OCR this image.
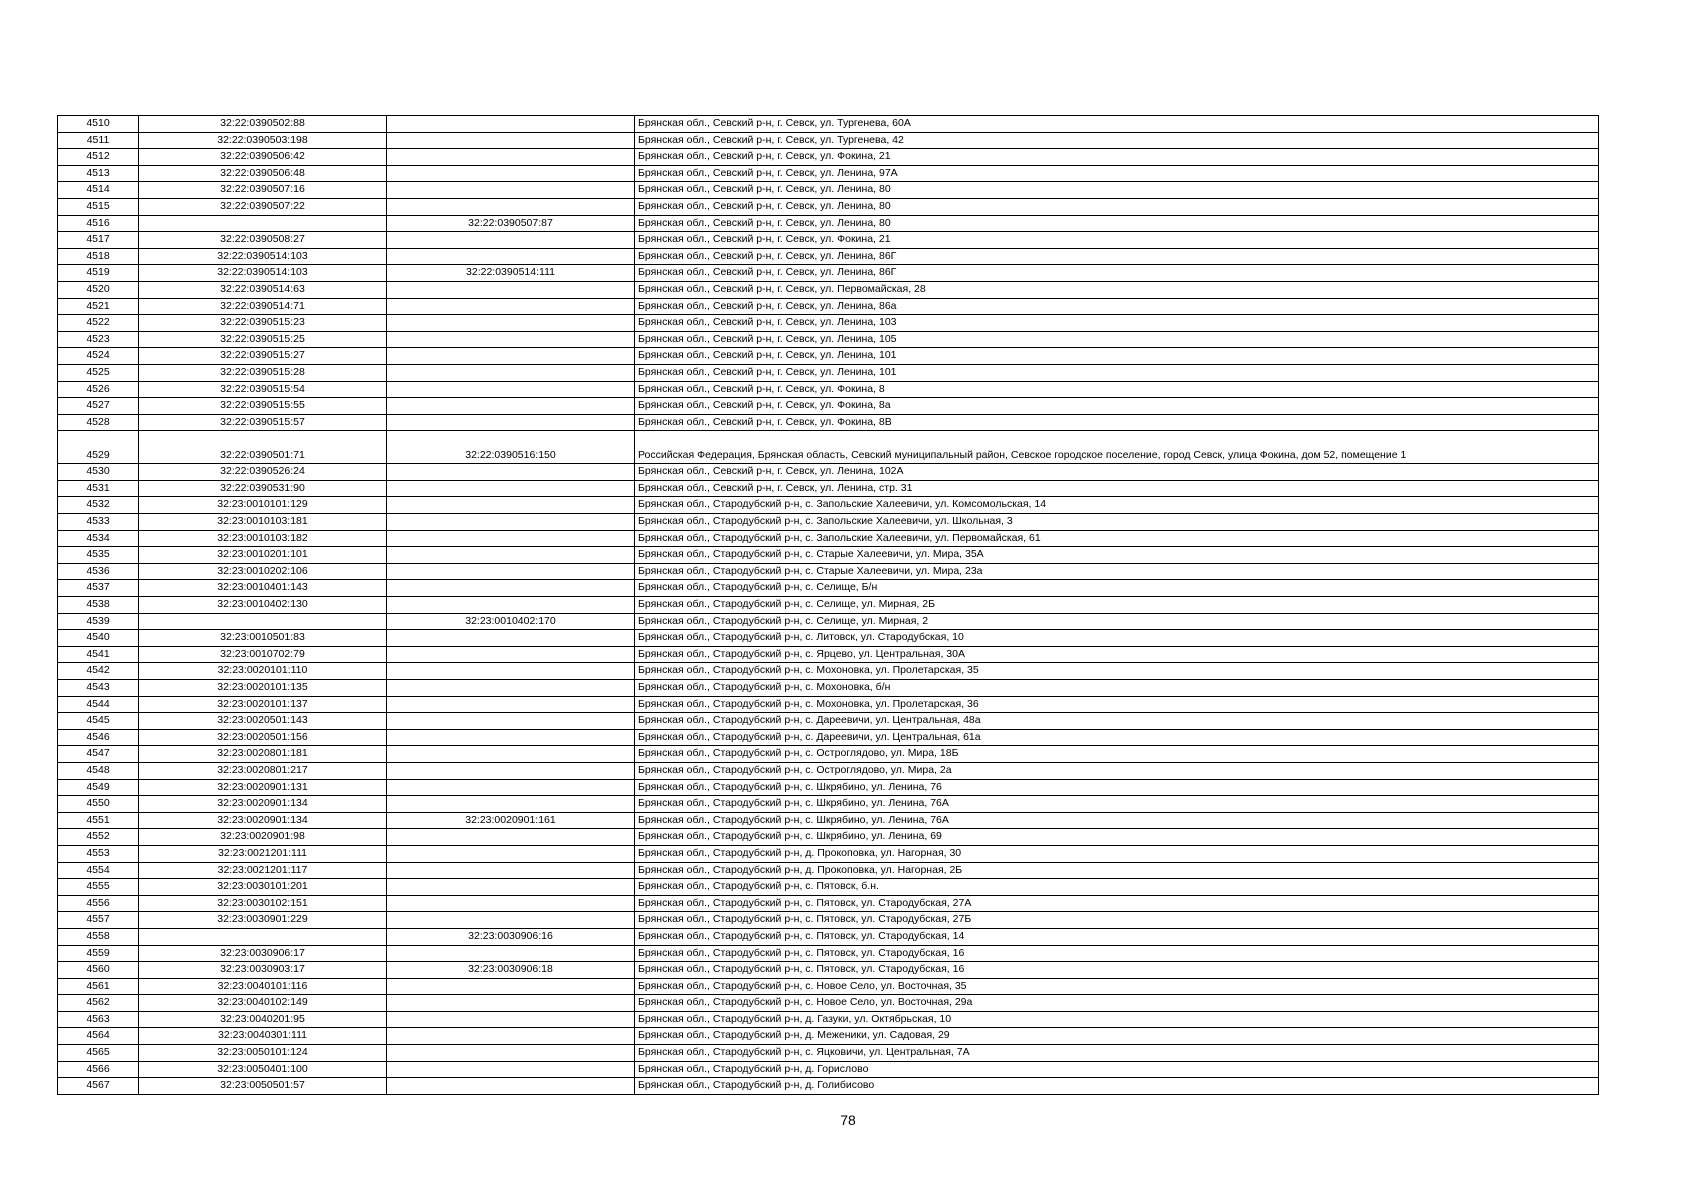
4510	32:22:0390502:88		Брянская обл., Севский р-н, г. Севск, ул. Тургенева, 60А
4511	32:22:0390503:198		Брянская обл., Севский р-н, г. Севск, ул. Тургенева, 42
4512	32:22:0390506:42		Брянская обл., Севский р-н, г. Севск, ул. Фокина, 21
4513	32:22:0390506:48		Брянская обл., Севский р-н, г. Севск, ул. Ленина, 97А
4514	32:22:0390507:16		Брянская обл., Севский р-н, г. Севск, ул. Ленина, 80
4515	32:22:0390507:22		Брянская обл., Севский р-н, г. Севск, ул. Ленина, 80
4516		32:22:0390507:87	Брянская обл., Севский р-н, г. Севск, ул. Ленина, 80
4517	32:22:0390508:27		Брянская обл., Севский р-н, г. Севск, ул. Фокина, 21
4518	32:22:0390514:103		Брянская обл., Севский р-н, г. Севск, ул. Ленина, 86Г
4519	32:22:0390514:103	32:22:0390514:111	Брянская обл., Севский р-н, г. Севск, ул. Ленина, 86Г
4520	32:22:0390514:63		Брянская обл., Севский р-н, г. Севск, ул. Первомайская, 28
4521	32:22:0390514:71		Брянская обл., Севский р-н, г. Севск, ул. Ленина, 86а
4522	32:22:0390515:23		Брянская обл., Севский р-н, г. Севск, ул. Ленина, 103
4523	32:22:0390515:25		Брянская обл., Севский р-н, г. Севск, ул. Ленина, 105
4524	32:22:0390515:27		Брянская обл., Севский р-н, г. Севск, ул. Ленина, 101
4525	32:22:0390515:28		Брянская обл., Севский р-н, г. Севск, ул. Ленина, 101
4526	32:22:0390515:54		Брянская обл., Севский р-н, г. Севск, ул. Фокина, 8
4527	32:22:0390515:55		Брянская обл., Севский р-н, г. Севск, ул. Фокина, 8а
4528	32:22:0390515:57		Брянская обл., Севский р-н, г. Севск, ул. Фокина, 8В
4529	32:22:0390501:71	32:22:0390516:150	Российская Федерация, Брянская область, Севский муниципальный район, Севское городское поселение, город Севск, улица Фокина, дом 52, помещение 1
4530	32:22:0390526:24		Брянская обл., Севский р-н, г. Севск, ул. Ленина, 102А
4531	32:22:0390531:90		Брянская обл., Севский р-н, г. Севск, ул. Ленина, стр. 31
4532	32:23:0010101:129		Брянская обл., Стародубский р-н, с. Запольские Халеевичи, ул. Комсомольская, 14
4533	32:23:0010103:181		Брянская обл., Стародубский р-н, с. Запольские Халеевичи, ул. Школьная, 3
4534	32:23:0010103:182		Брянская обл., Стародубский р-н, с. Запольские Халеевичи, ул. Первомайская, 61
4535	32:23:0010201:101		Брянская обл., Стародубский р-н, с. Старые Халеевичи, ул. Мира, 35А
4536	32:23:0010202:106		Брянская обл., Стародубский р-н, с. Старые Халеевичи, ул. Мира, 23а
4537	32:23:0010401:143		Брянская обл., Стародубский р-н, с. Селище, Б/н
4538	32:23:0010402:130		Брянская обл., Стародубский р-н, с. Селище, ул. Мирная, 2Б
4539		32:23:0010402:170	Брянская обл., Стародубский р-н, с. Селище, ул. Мирная, 2
4540	32:23:0010501:83		Брянская обл., Стародубский р-н, с. Литовск, ул. Стародубская, 10
4541	32:23:0010702:79		Брянская обл., Стародубский р-н, с. Ярцево, ул. Центральная, 30А
4542	32:23:0020101:110		Брянская обл., Стародубский р-н, с. Мохоновка, ул. Пролетарская, 35
4543	32:23:0020101:135		Брянская обл., Стародубский р-н, с. Мохоновка, б/н
4544	32:23:0020101:137		Брянская обл., Стародубский р-н, с. Мохоновка, ул. Пролетарская, 36
4545	32:23:0020501:143		Брянская обл., Стародубский р-н, с. Дареевичи, ул. Центральная, 48а
4546	32:23:0020501:156		Брянская обл., Стародубский р-н, с. Дареевичи, ул. Центральная, 61а
4547	32:23:0020801:181		Брянская обл., Стародубский р-н, с. Остроглядово, ул. Мира, 18Б
4548	32:23:0020801:217		Брянская обл., Стародубский р-н, с. Остроглядово, ул. Мира, 2а
4549	32:23:0020901:131		Брянская обл., Стародубский р-н, с. Шкрябино, ул. Ленина, 76
4550	32:23:0020901:134		Брянская обл., Стародубский р-н, с. Шкрябино, ул. Ленина, 76А
4551	32:23:0020901:134	32:23:0020901:161	Брянская обл., Стародубский р-н, с. Шкрябино, ул. Ленина, 76А
4552	32:23:0020901:98		Брянская обл., Стародубский р-н, с. Шкрябино, ул. Ленина, 69
4553	32:23:0021201:111		Брянская обл., Стародубский р-н, д. Прокоповка, ул. Нагорная, 30
4554	32:23:0021201:117		Брянская обл., Стародубский р-н, д. Прокоповка, ул. Нагорная, 2Б
4555	32:23:0030101:201		Брянская обл., Стародубский р-н, с. Пятовск, б.н.
4556	32:23:0030102:151		Брянская обл., Стародубский р-н, с. Пятовск, ул. Стародубская, 27А
4557	32:23:0030901:229		Брянская обл., Стародубский р-н, с. Пятовск, ул. Стародубская, 27Б
4558		32:23:0030906:16	Брянская обл., Стародубский р-н, с. Пятовск, ул. Стародубская, 14
4559	32:23:0030906:17		Брянская обл., Стародубский р-н, с. Пятовск, ул. Стародубская, 16
4560	32:23:0030903:17	32:23:0030906:18	Брянская обл., Стародубский р-н, с. Пятовск, ул. Стародубская, 16
4561	32:23:0040101:116		Брянская обл., Стародубский р-н, с. Новое Село, ул. Восточная, 35
4562	32:23:0040102:149		Брянская обл., Стародубский р-н, с. Новое Село, ул. Восточная, 29а
4563	32:23:0040201:95		Брянская обл., Стародубский р-н, д. Газуки, ул. Октябрьская, 10
4564	32:23:0040301:111		Брянская обл., Стародубский р-н, д. Меженики, ул. Садовая, 29
4565	32:23:0050101:124		Брянская обл., Стародубский р-н, с. Яцковичи, ул. Центральная, 7А
4566	32:23:0050401:100		Брянская обл., Стародубский р-н, д. Горислово
4567	32:23:0050501:57		Брянская обл., Стародубский р-н, д. Голибисово
78
